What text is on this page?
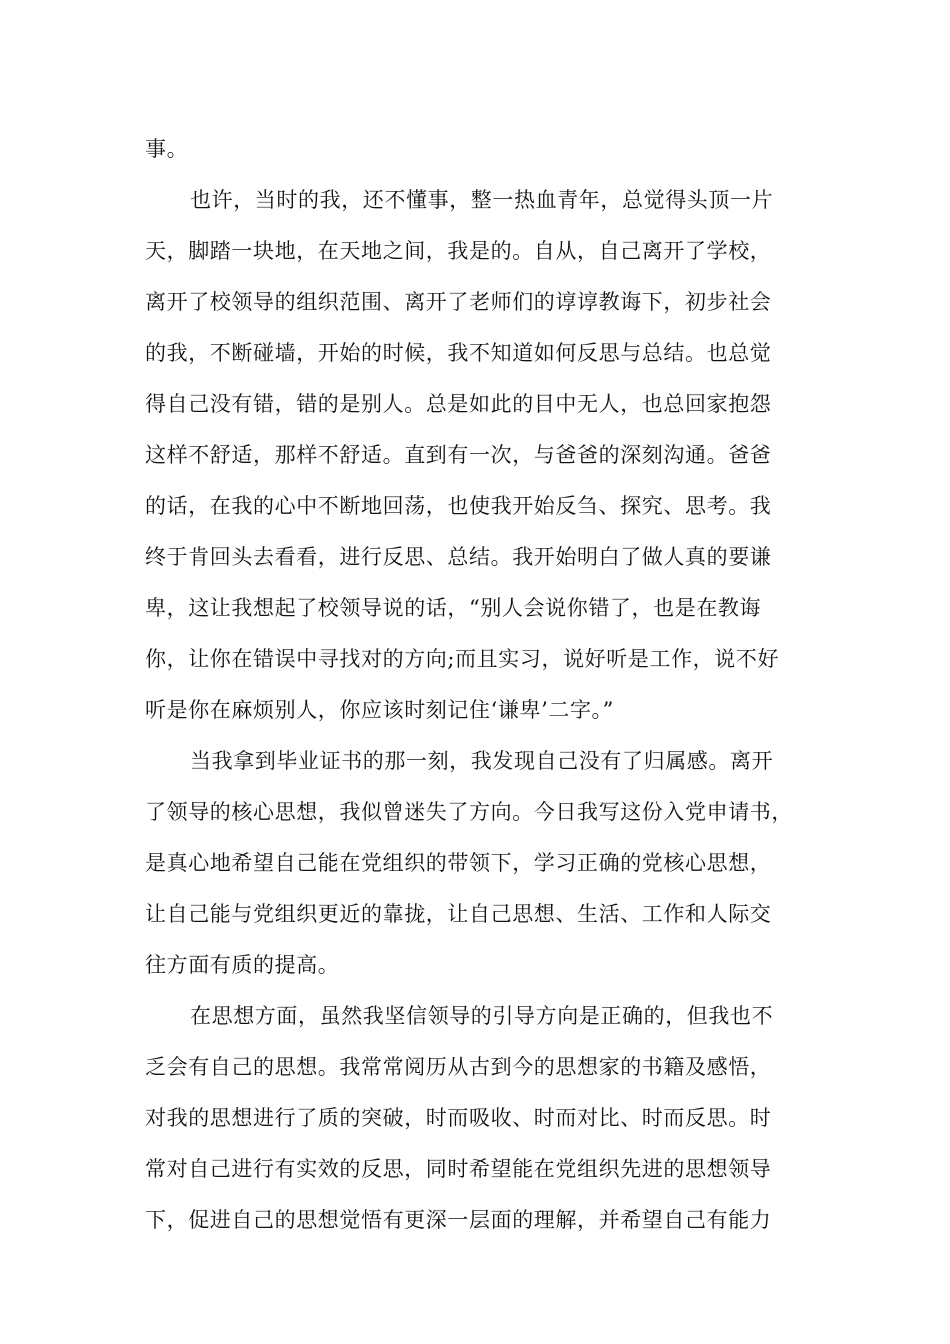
事。
也许，当时的我，还不懂事，整一热血青年，总觉得头顶一片
天，脚踏一块地，在天地之间，我是的。自从，自己离开了学校，
离开了校领导的组织范围、离开了老师们的谆谆教诲下，初步社会
的我，不断碰墙，开始的时候，我不知道如何反思与总结。也总觉
得自己没有错，错的是别人。总是如此的目中无人，也总回家抱怨
这样不舒适，那样不舒适。直到有一次，与爸爸的深刻沟通。爸爸
的话，在我的心中不断地回荡，也使我开始反刍、探究、思考。我
终于肯回头去看看，进行反思、总结。我开始明白了做人真的要谦
卑，这让我想起了校领导说的话，“别人会说你错了，也是在教诲
你，让你在错误中寻找对的方向;而且实习，说好听是工作，说不好
听是你在麻烦别人，你应该时刻记住‘谦卑’二字。”
当我拿到毕业证书的那一刻，我发现自己没有了归属感。离开
了领导的核心思想，我似曾迷失了方向。今日我写这份入党申请书，
是真心地希望自己能在党组织的带领下，学习正确的党核心思想，
让自己能与党组织更近的靠拢，让自己思想、生活、工作和人际交
往方面有质的提高。
在思想方面，虽然我坚信领导的引导方向是正确的，但我也不
乏会有自己的思想。我常常阅历从古到今的思想家的书籍及感悟，
对我的思想进行了质的突破，时而吸收、时而对比、时而反思。时
常对自己进行有实效的反思，同时希望能在党组织先进的思想领导
下，促进自己的思想觉悟有更深一层面的理解，并希望自己有能力
